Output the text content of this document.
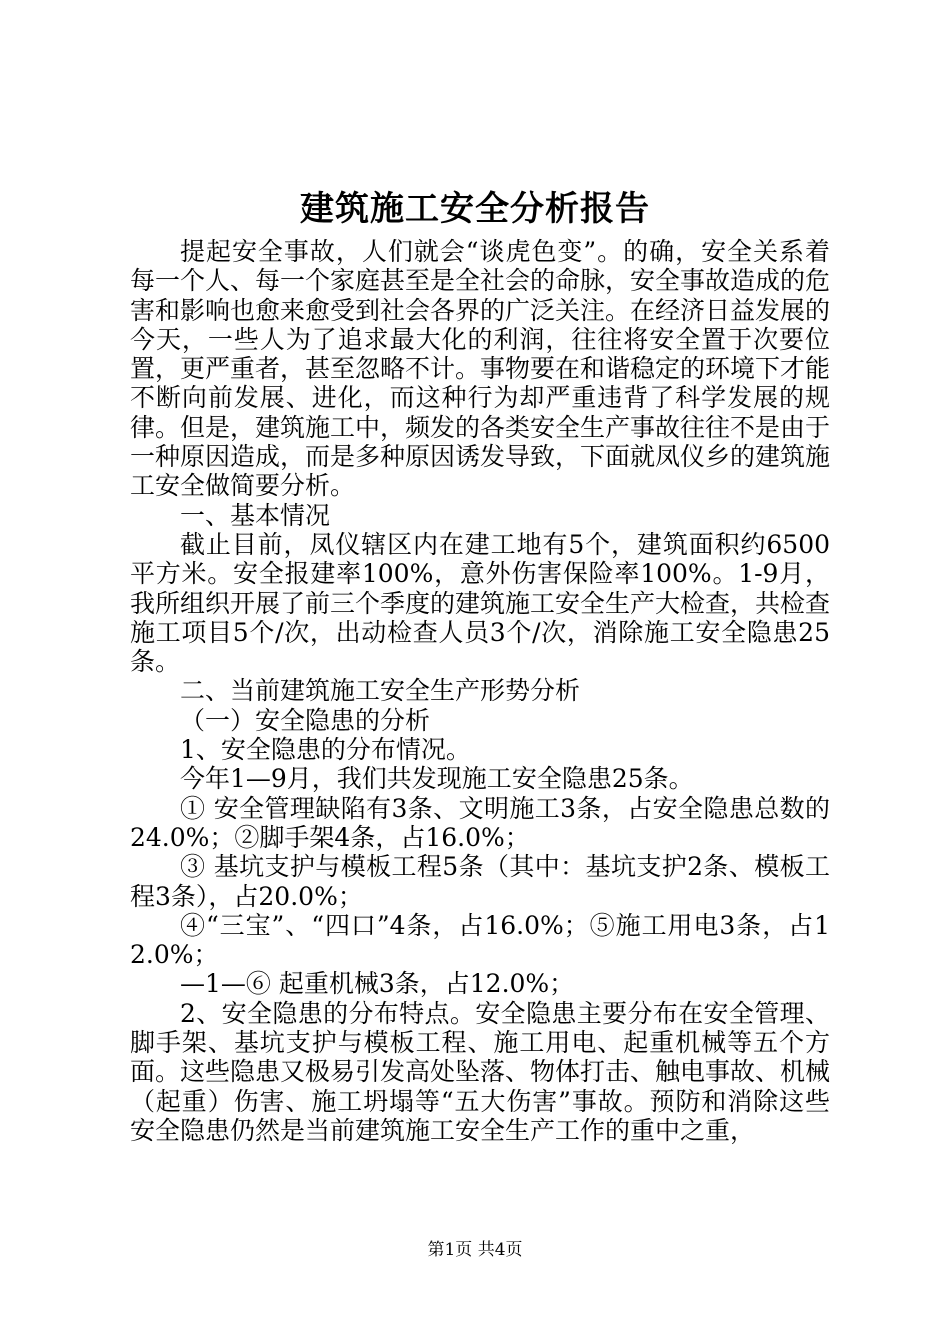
建筑施工安全分析报告

提起安全事故，人们就会“谈虎色变”。的确，安全关系着每一个人、每一个家庭甚至是全社会的命脉，安全事故造成的危害和影响也愈来愈受到社会各界的广泛关注。在经济日益发展的今天，一些人为了追求最大化的利润，往往将安全置于次要位置，更严重者，甚至忽略不计。事物要在和谐稳定的环境下才能不断向前发展、进化，而这种行为却严重违背了科学发展的规律。但是，建筑施工中，频发的各类安全生产事故往往不是由于一种原因造成，而是多种原因诱发导致，下面就凤仪乡的建筑施工安全做简要分析。

一、基本情况

截止目前，凤仪辖区内在建工地有5个，建筑面积约6500平方米。安全报建率100%，意外伤害保险率100%。1-9月，我所组织开展了前三个季度的建筑施工安全生产大检查，共检查施工项目5个/次，出动检查人员3个/次，消除施工安全隐患25条。

二、当前建筑施工安全生产形势分析

（一）安全隐患的分析

1、安全隐患的分布情况。

今年1—9月，我们共发现施工安全隐患25条。

① 安全管理缺陷有3条、文明施工3条，占安全隐患总数的24.0%；②脚手架4条，占16.0%；

③ 基坑支护与模板工程5条（其中：基坑支护2条、模板工程3条），占20.0%；

④“三宝”、“四口”4条，占16.0%；⑤施工用电3条，占12.0%；

—1—⑥ 起重机械3条，占12.0%；

2、安全隐患的分布特点。安全隐患主要分布在安全管理、脚手架、基坑支护与模板工程、施工用电、起重机械等五个方面。这些隐患又极易引发高处坠落、物体打击、触电事故、机械（起重）伤害、施工坍塌等“五大伤害”事故。预防和消除这些安全隐患仍然是当前建筑施工安全生产工作的重中之重，

第1页 共4页
